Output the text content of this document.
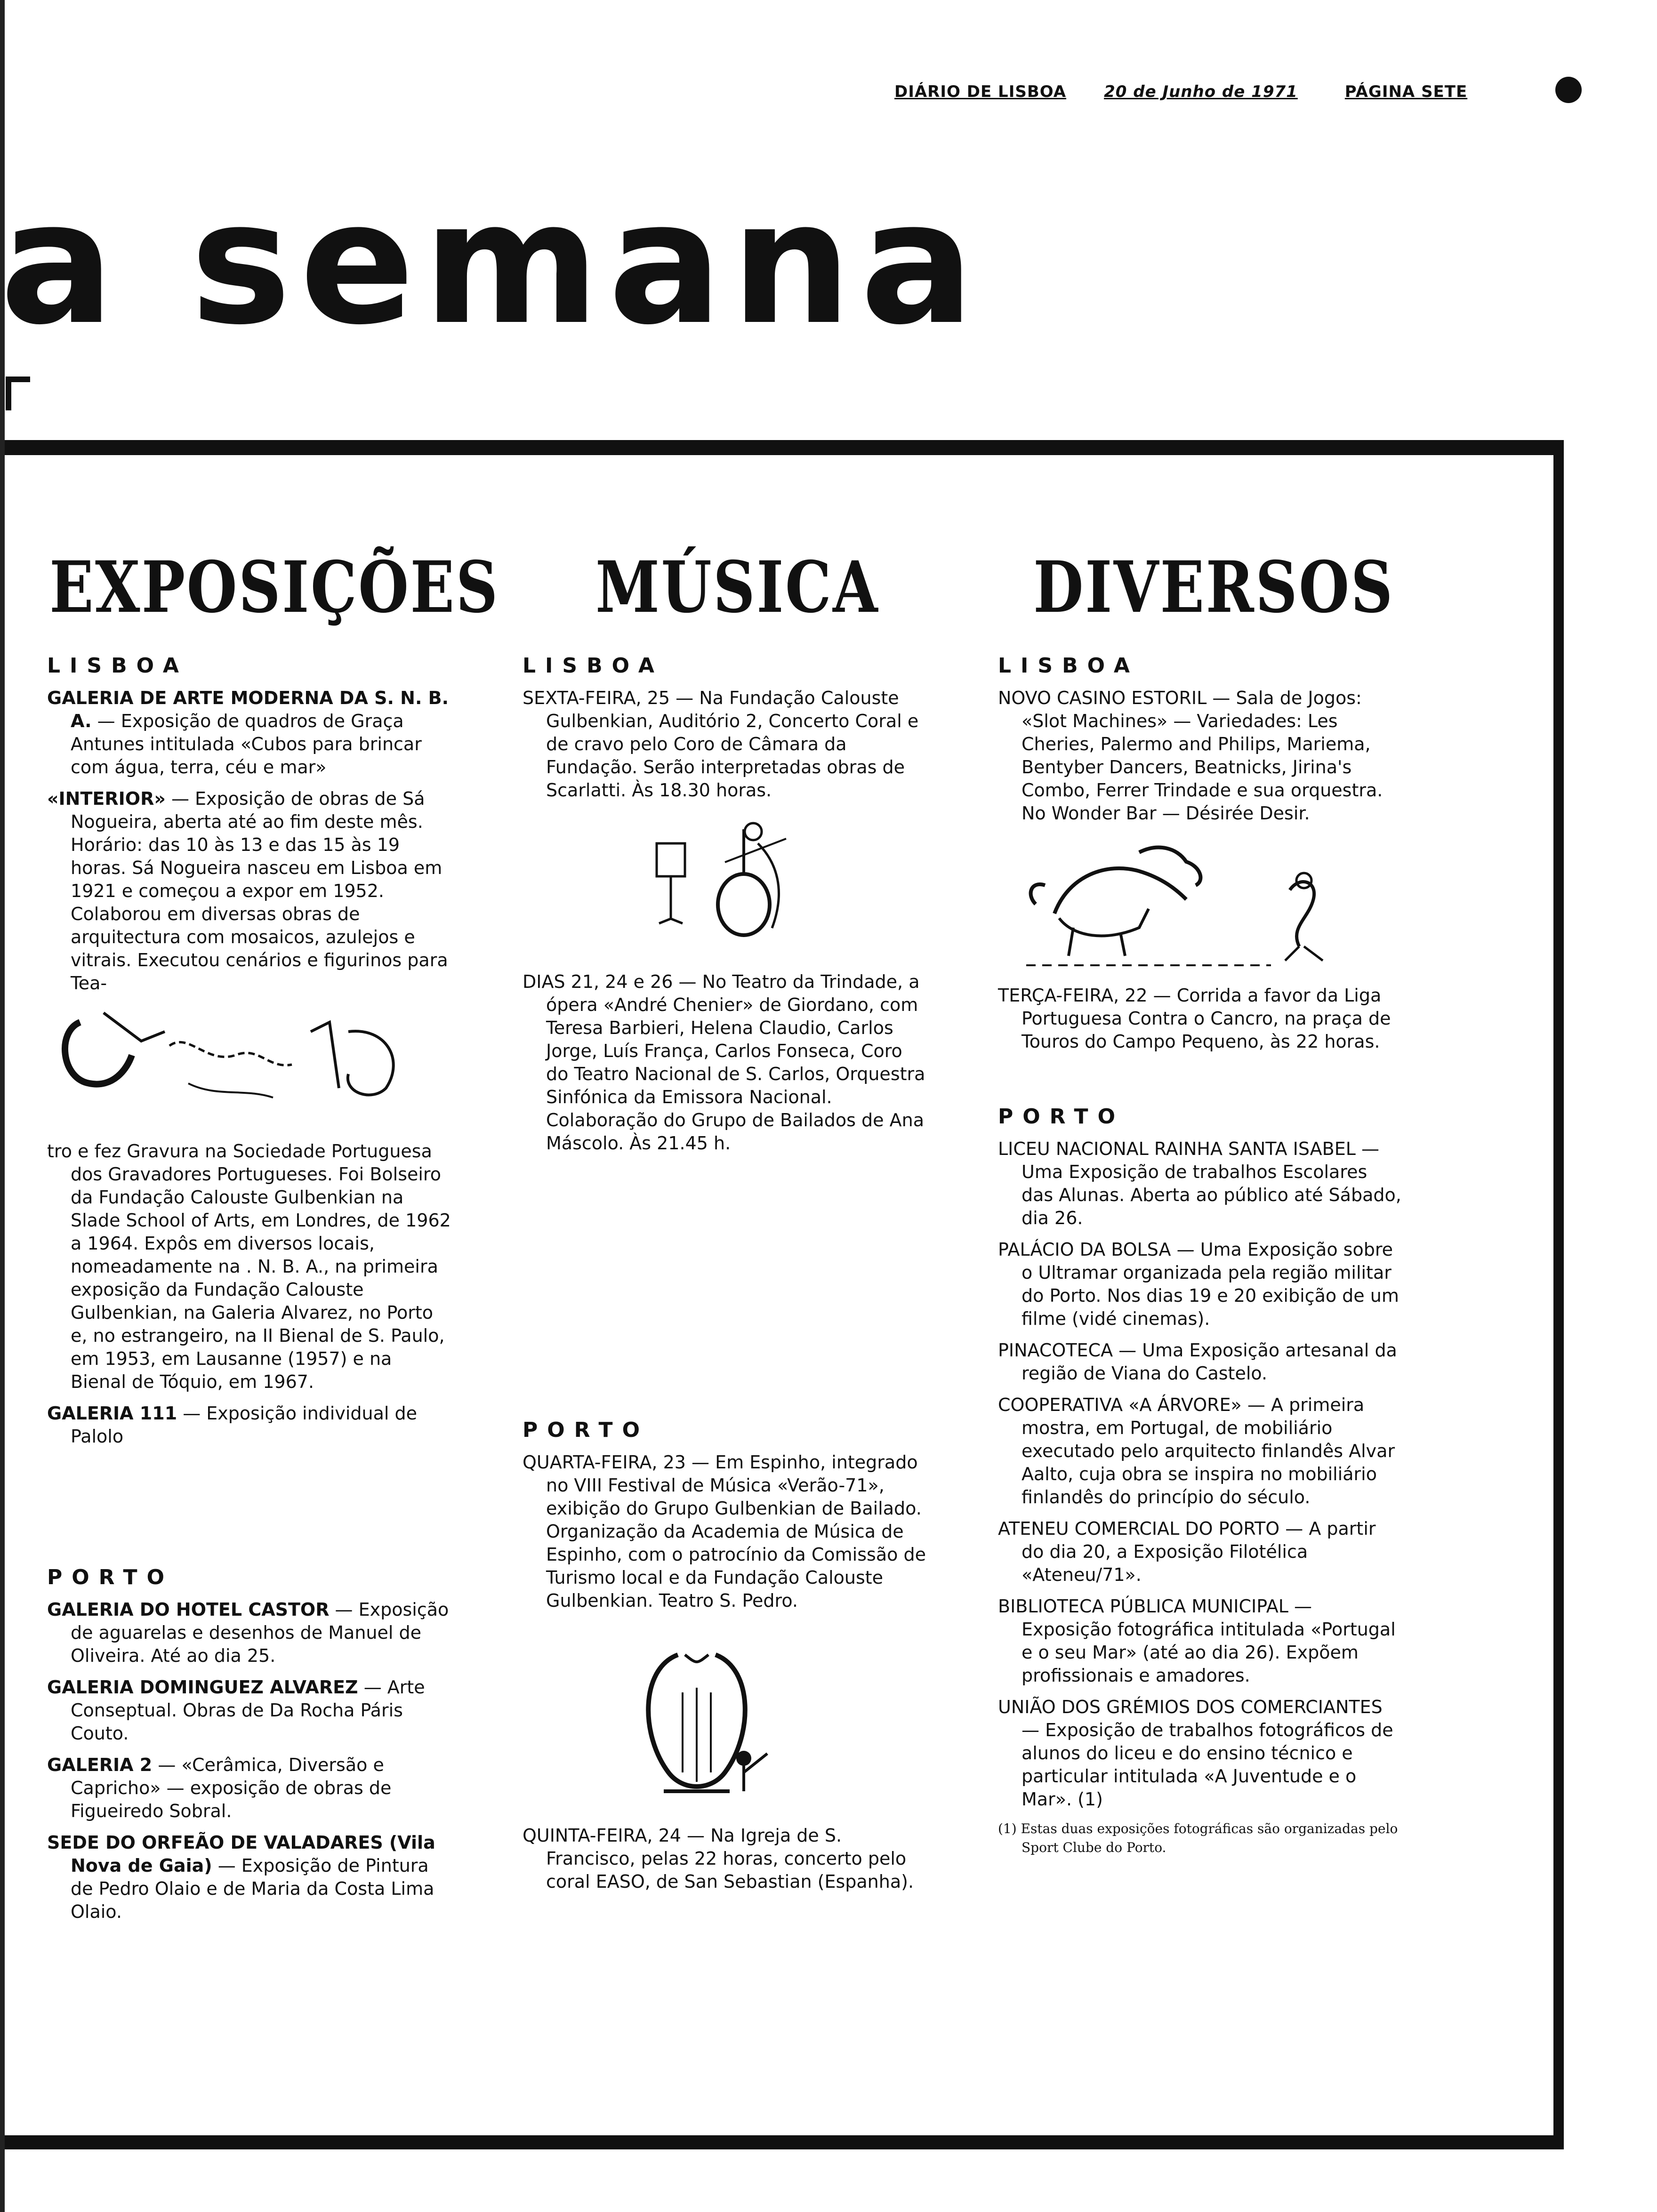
DIÁRIO DE LISBOA 20 de Junho de 1971	PÁGINA SETE
a semana
EXPOSIÇÕES MÚSICA DIVERSOS
LISBOA
GALERIA DE ARTE MODERNA DA S. N. B. A. — Exposição de quadros de Graça Antunes intitulada «Cubos para brincar com água, terra, céu e mar»
«INTERIOR» — Exposição de obras de Sá Nogueira, aberta até ao fim deste mês. Horário: das 10 às 13 e das 15 às 19 horas. Sá Nogueira nasceu em Lisboa em 1921 e começou a expor em 1952. Colaborou em diversas obras de arquitectura com mosaicos, azulejos e vitrais. Executou cenários e figurinos para Tea-
tro e fez Gravura na Sociedade Portuguesa dos Gravadores Portugueses. Foi Bolseiro da Fundação Calouste Gulbenkian na Slade School of Arts, em Londres, de 1962 a 1964. Expôs em diversos locais, nomeadamente na . N. B. A., na primeira exposição da Fundação Calouste Gulbenkian, na Galeria Alvarez, no Porto e, no estrangeiro, na II Bienal de S. Paulo, em 1953, em Lausanne (1957) e na Bienal de Tóquio, em 1967.
GALERIA 111 — Exposição individual de Palolo
PORTO
GALERIA DO HOTEL CASTOR — Exposição de aguarelas e desenhos de Manuel de Oliveira. Até ao dia 25.
GALERIA DOMINGUEZ ALVAREZ — Arte Conseptual. Obras de Da Rocha Páris Couto.
GALERIA 2 — «Cerâmica, Diversão e Capricho» — exposição de obras de Figueiredo Sobral.
SEDE DO ORFEÃO DE VALADARES (Vila Nova de Gaia) — Exposição de Pintura de Pedro Olaio e de Maria da Costa Lima Olaio.
LISBOA
SEXTA-FEIRA, 25 — Na Fundação Calouste Gulbenkian, Auditório 2, Concerto Coral e de cravo pelo Coro de Câmara da Fundação. Serão interpretadas obras de Scarlatti. Às 18.30 horas.
DIAS 21, 24 e 26 — No Teatro da Trindade, a ópera «André Chenier» de Giordano, com Teresa Barbieri, Helena Claudio, Carlos Jorge, Luís França, Carlos Fonseca, Coro do Teatro Nacional de S. Carlos, Orquestra Sinfónica da Emissora Nacional. Colaboração do Grupo de Bailados de Ana Máscolo. Às 21.45 h.
PORTO
QUARTA-FEIRA, 23 — Em Espinho, integrado no VIII Festival de Música «Verão-71», exibição do Grupo Gulbenkian de Bailado. Organização da Academia de Música de Espinho, com o patrocínio da Comissão de Turismo local e da Fundação Calouste Gulbenkian. Teatro S. Pedro.
QUINTA-FEIRA, 24 — Na Igreja de S. Francisco, pelas 22 horas, concerto pelo coral EASO, de San Sebastian (Espanha).
LISBOA
NOVO CASINO ESTORIL — Sala de Jogos: «Slot Machines» — Variedades: Les Cheries, Palermo and Philips, Mariema, Bentyber Dancers, Beatnicks, Jirina's Combo, Ferrer Trindade e sua orquestra. No Wonder Bar — Désirée Desir.
TERÇA-FEIRA, 22 — Corrida a favor da Liga Portuguesa Contra o Cancro, na praça de Touros do Campo Pequeno, às 22 horas.
PORTO
LICEU NACIONAL RAINHA SANTA ISABEL — Uma Exposição de trabalhos Escolares das Alunas. Aberta ao público até Sábado, dia 26.
PALÁCIO DA BOLSA — Uma Exposição sobre o Ultramar organizada pela região militar do Porto. Nos dias 19 e 20 exibição de um filme (vidé cinemas).
PINACOTECA — Uma Exposição artesanal da região de Viana do Castelo.
COOPERATIVA «A ÁRVORE» — A primeira mostra, em Portugal, de mobiliário executado pelo arquitecto finlandês Alvar Aalto, cuja obra se inspira no mobiliário finlandês do princípio do século.
ATENEU COMERCIAL DO PORTO — A partir do dia 20, a Exposição Filotélica «Ateneu/71».
BIBLIOTECA PÚBLICA MUNICIPAL — Exposição fotográfica intitulada «Portugal e o seu Mar» (até ao dia 26). Expõem profissionais e amadores.
UNIÃO DOS GRÉMIOS DOS COMERCIANTES — Exposição de trabalhos fotográficos de alunos do liceu e do ensino técnico e particular intitulada «A Juventude e o Mar». (1)
(1) Estas duas exposições fotográficas são organizadas pelo Sport Clube do Porto.
